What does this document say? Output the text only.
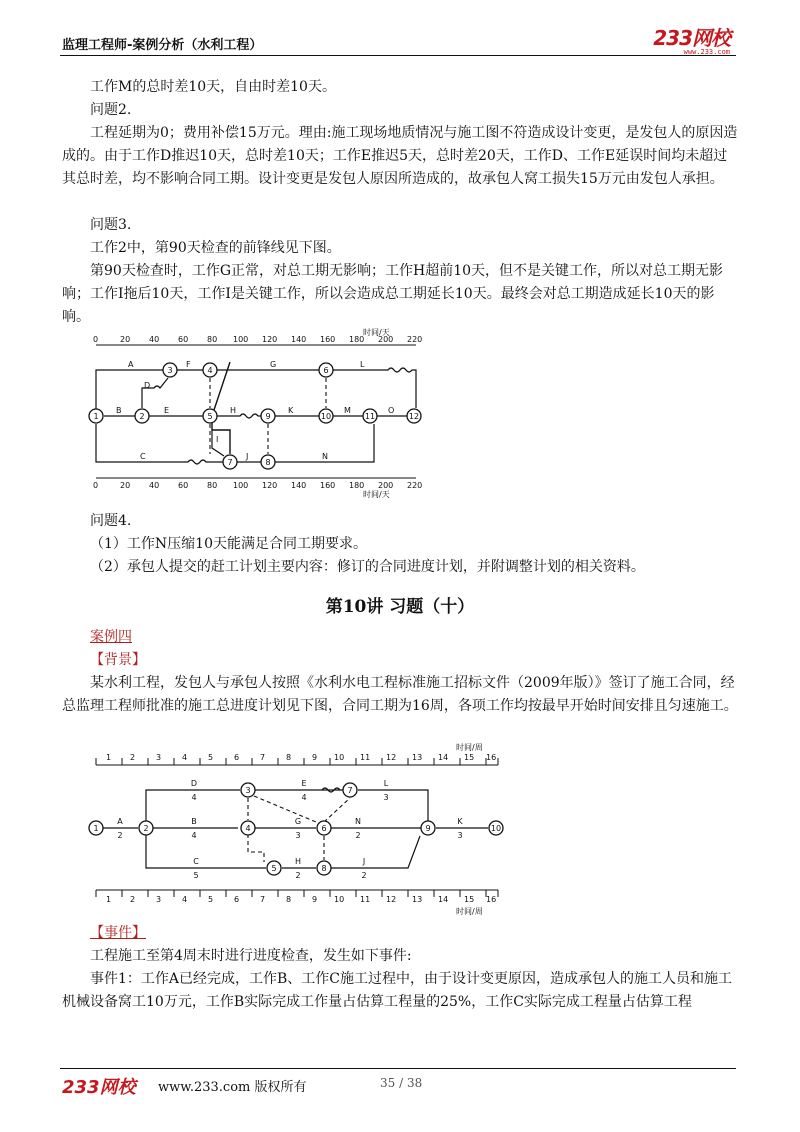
监理工程师-案例分析（水利工程）	233网校
www.233.com
工作M的总时差10天，自由时差10天。
问题2.
工程延期为0；费用补偿15万元。理由:施工现场地质情况与施工图不符造成设计变更，是发包人的原因造成的。由于工作D推迟10天，总时差10天；工作E推迟5天，总时差20天，工作D、工作E延误时间均未超过其总时差，均不影响合同工期。设计变更是发包人原因所造成的，故承包人窝工损失15万元由发包人承担。
问题3.
工作2中，第90天检查的前锋线见下图。
第90天检查时，工作G正常，对总工期无影响；工作H超前10天，但不是关键工作，所以对总工期无影响；工作I拖后10天，工作I是关键工作，所以会造成总工期延长10天。最终会对总工期造成延长10天的影响。
时间/天
0	20 40 60 80 100 120 140 160 180 200 220
1	2
3	4
5
6
7	8
9	10	11	12
A
B
C
D
E
F	G
H
I
J
K
L
M
N
O
0	20 40 60 80 100 120 140 160 180 200 220
时间/天
问题4.
（1）工作N压缩10天能满足合同工期要求。
（2）承包人提交的赶工计划主要内容：修订的合同进度计划，并附调整计划的相关资料。
第10讲 习题（十）
案例四
【背景】
某水利工程，发包人与承包人按照《水利水电工程标准施工招标文件（2009年版）》签订了施工合同，经总监理工程师批准的施工总进度计划见下图，合同工期为16周，各项工作均按最早开始时间安排且匀速施工。
时间/周
1 2	3	4	5	6	7	8	9 10 11 12 13 14 15 16
1	2
3
4
5
6
7
8
9	10
A
2
B
4
C
5
D
4
E
4
G
3
H
2
J
2
L
3
N
2
K
3
1 2	3	4	5	6	7	8	9 10 11 12 13 14 15 16
时间/周
【事件】
工程施工至第4周末时进行进度检查，发生如下事件:
事件1：工作A已经完成，工作B、工作C施工过程中，由于设计变更原因，造成承包人的施工人员和施工机械设备窝工10万元，工作B实际完成工作量占估算工程量的25%，工作C实际完成工程量占估算工程
233网校 www.233.com 版权所有	35 / 38
